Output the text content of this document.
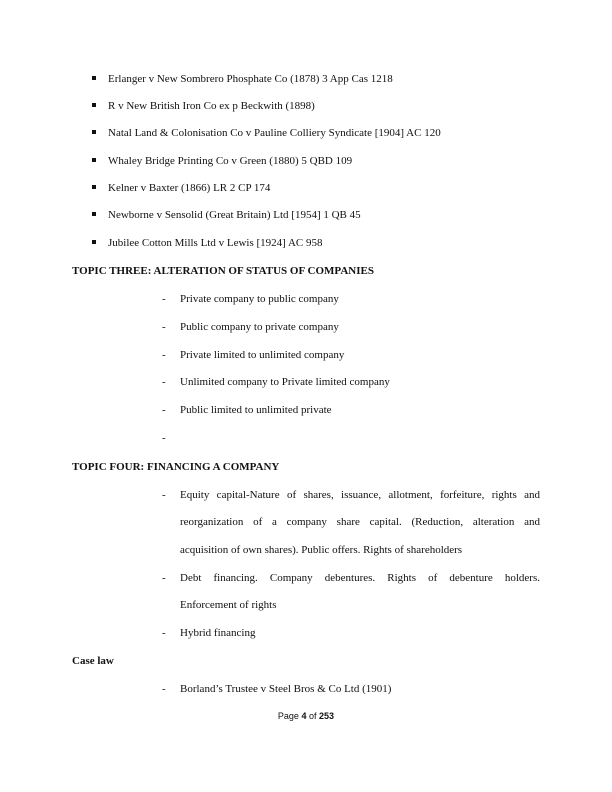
Erlanger v New Sombrero Phosphate Co (1878) 3 App Cas 1218
R v New British Iron Co ex p Beckwith (1898)
Natal Land & Colonisation Co v Pauline Colliery Syndicate [1904] AC 120
Whaley Bridge Printing Co v Green (1880) 5 QBD 109
Kelner v Baxter (1866) LR 2 CP 174
Newborne v Sensolid (Great Britain) Ltd [1954] 1 QB 45
Jubilee Cotton Mills Ltd v Lewis [1924] AC 958
TOPIC THREE: ALTERATION OF STATUS OF COMPANIES
- Private company to public company
- Public company to private company
- Private limited to unlimited company
- Unlimited company to Private limited company
- Public limited to unlimited private
-
TOPIC FOUR: FINANCING A COMPANY
- Equity capital-Nature of shares, issuance, allotment, forfeiture, rights and
reorganization of a company share capital. (Reduction, alteration and
acquisition of own shares). Public offers. Rights of shareholders
- Debt financing. Company debentures. Rights of debenture holders.
Enforcement of rights
- Hybrid financing
Case law
- Borland’s Trustee v Steel Bros & Co Ltd (1901)
Page 4 of 253
